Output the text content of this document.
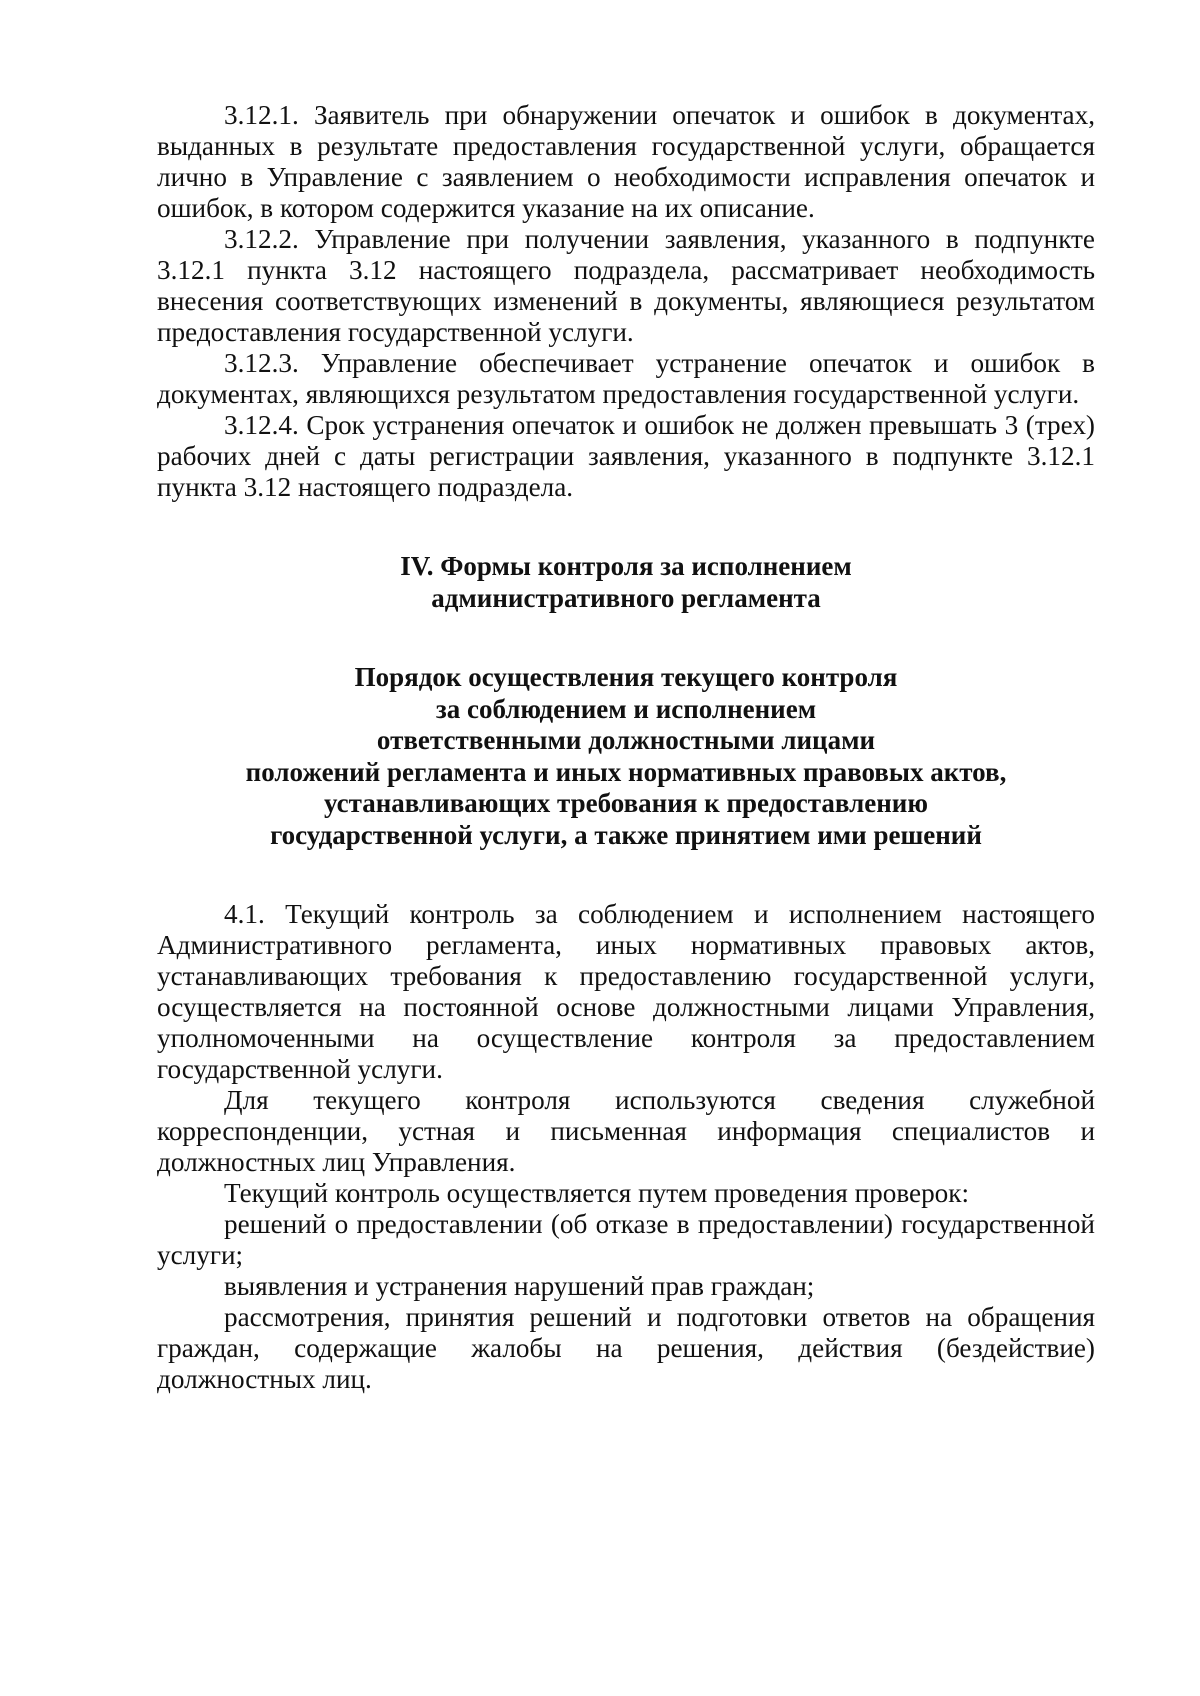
3.12.1. Заявитель при обнаружении опечаток и ошибок в документах, выданных в результате предоставления государственной услуги, обращается лично в Управление с заявлением о необходимости исправления опечаток и ошибок, в котором содержится указание на их описание.

3.12.2. Управление при получении заявления, указанного в подпункте 3.12.1 пункта 3.12 настоящего подраздела, рассматривает необходимость внесения соответствующих изменений в документы, являющиеся результатом предоставления государственной услуги.

3.12.3. Управление обеспечивает устранение опечаток и ошибок в документах, являющихся результатом предоставления государственной услуги.

3.12.4. Срок устранения опечаток и ошибок не должен превышать 3 (трех) рабочих дней с даты регистрации заявления, указанного в подпункте 3.12.1 пункта 3.12 настоящего подраздела.

IV. Формы контроля за исполнением
административного регламента
Порядок осуществления текущего контроля
за соблюдением и исполнением
ответственными должностными лицами
положений регламента и иных нормативных правовых актов,
устанавливающих требования к предоставлению
государственной услуги, а также принятием ими решений

4.1. Текущий контроль за соблюдением и исполнением настоящего Административного регламента, иных нормативных правовых актов, устанавливающих требования к предоставлению государственной услуги, осуществляется на постоянной основе должностными лицами Управления, уполномоченными на осуществление контроля за предоставлением государственной услуги.

Для текущего контроля используются сведения служебной корреспонденции, устная и письменная информация специалистов и должностных лиц Управления.

Текущий контроль осуществляется путем проведения проверок:

решений о предоставлении (об отказе в предоставлении) государственной услуги;

выявления и устранения нарушений прав граждан;

рассмотрения, принятия решений и подготовки ответов на обращения граждан, содержащие жалобы на решения, действия (бездействие) должностных лиц.
